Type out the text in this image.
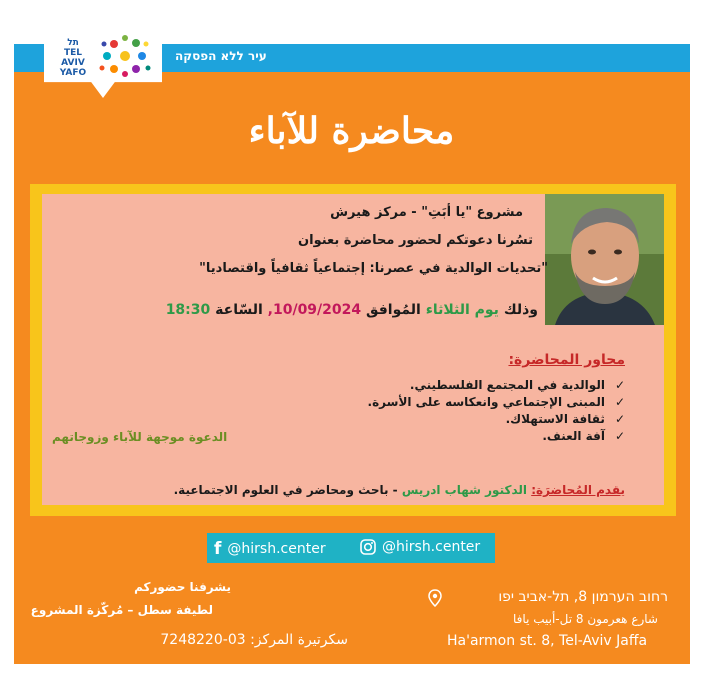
עיר ללא הפסקה
תל
TEL
AVIV
YAFO
محاضرة للآباء
مشروع "يا أبَتِ" - مركز هيرش
تسُرنا دعوتكم لحضور محاضرة بعنوان
"تحديات الوالدية في عصرنا: إجتماعياً ثقافياً واقتصاديا"
وذلك يوم الثلاثاء المُوافق 10/09/2024, السّاعة 18:30
محاور المحاضرة:
✓ الوالدية في المجتمع الفلسطيني.
✓ المبنى الإجتماعي وانعكاسه على الأسرة.
✓ ثقافة الاستهلاك.
✓ آفة العنف.
الدعوة موجهة للآباء وزوجاتهم
يقدم المُحاضرَة: الدكتور شهاب ادريس - باحث ومحاضر في العلوم الاجتماعية.
f @hirsh.center	@hirsh.center
يشرفنا حضوركم
لطيفة سطل – مُركّزة المشروع
سكرتيرة المركز: 03-7248220
רחוב הערמון 8, תל-אביב יפו
شارع هعرمون 8 تل-أبيب يافا
Ha'armon st. 8, Tel-Aviv Jaffa
